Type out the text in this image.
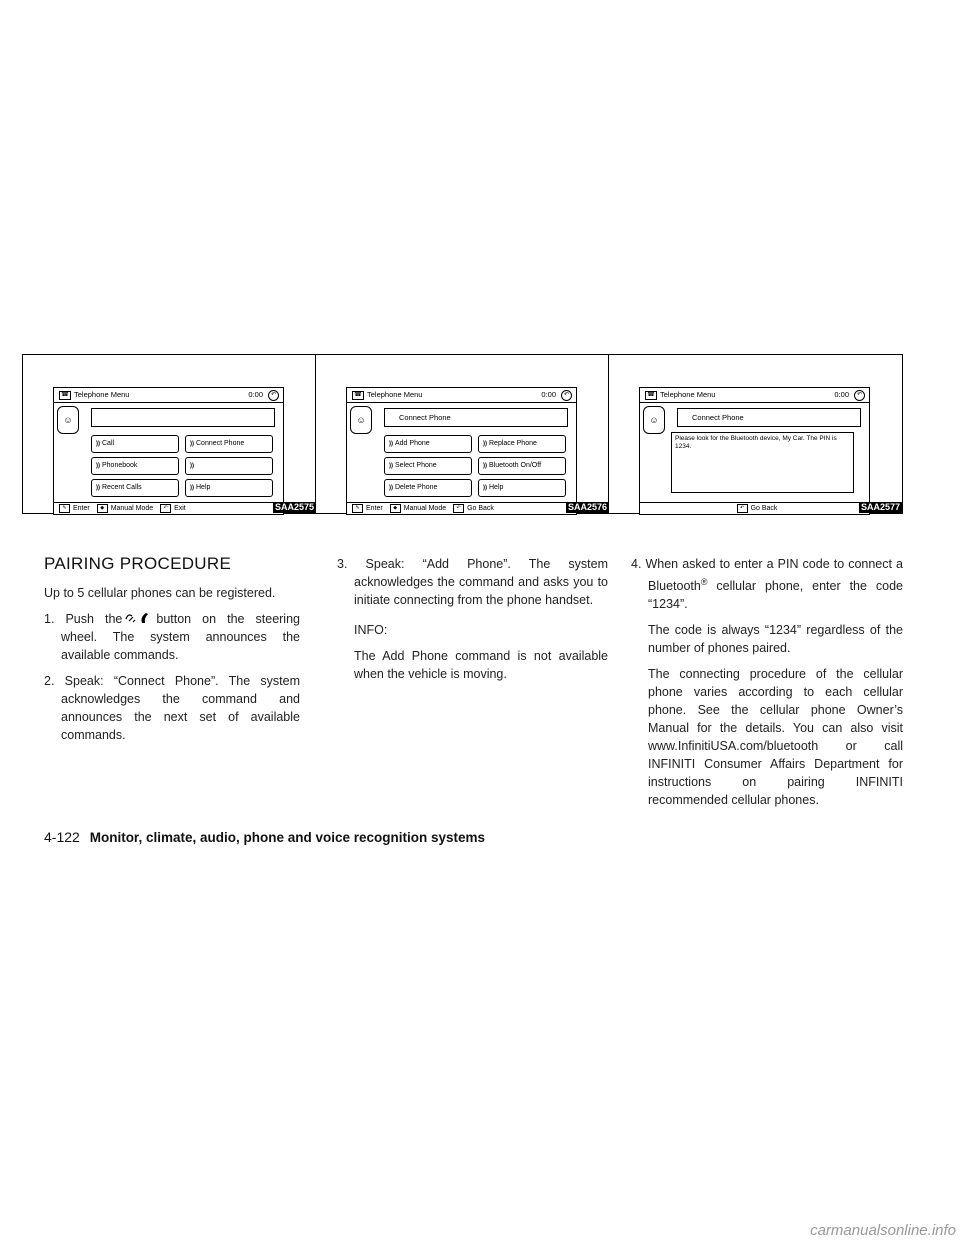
☎ Telephone Menu	0:00	↶
☺
)) Call	)) Connect Phone
)) Phonebook	))
)) Recent Calls	)) Help
✎ Enter ◆ Manual Mode ↶ Exit	SAA2575
☎ Telephone Menu	0:00	↶
☺	Connect Phone
)) Add Phone	)) Replace Phone
)) Select Phone	)) Bluetooth On/Off
)) Delete Phone	)) Help
✎ Enter ◆ Manual Mode ↶ Go Back	SAA2576
☎ Telephone Menu	0:00	↶
☺	Connect Phone
Please look for the Bluetooth device, My Car. The PIN is 1234.
↶ Go Back	SAA2577
PAIRING PROCEDURE

Up to 5 cellular phones can be registered.

1. Push the	button on the steering wheel. The system announces the available commands.

2. Speak: “Connect Phone”. The system acknowledges the command and announces the next set of available commands.

3. Speak: “Add Phone”. The system acknowledges the command and asks you to initiate connecting from the phone handset.

INFO:

The Add Phone command is not available when the vehicle is moving.

4. When asked to enter a PIN code to connect a Bluetooth® cellular phone, enter the code “1234”.

The code is always “1234” regardless of the number of phones paired.

The connecting procedure of the cellular phone varies according to each cellular phone. See the cellular phone Owner’s Manual for the details. You can also visit www.InfinitiUSA.com/bluetooth or call INFINITI Consumer Affairs Department for instructions on pairing INFINITI recommended cellular phones.

4-122 Monitor, climate, audio, phone and voice recognition systems
carmanualsonline.info
